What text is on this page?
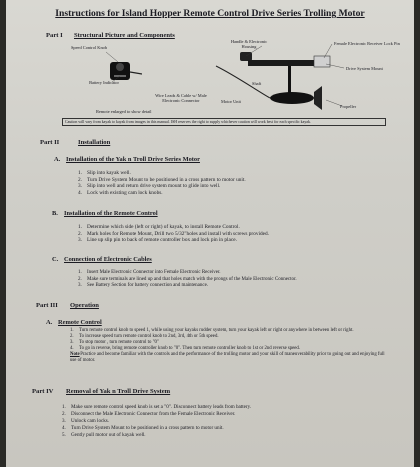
Instructions for Island Hopper Remote Control Drive Series Trolling Motor
Part I Structural Picture and Components
Speed Control Knob
Battery Indicator
Handle & Electronic Housing
Female Electronic Receiver Lock Pin
Drive System Mount
Shaft
Wire Leads & Cable w/ Male Electronic Connector	Motor Unit
Propeller
Remote enlarged to show detail
Caution will vary from kayak to kayak from images in this manual. ISH reserves the right to supply whichever caution will work best for each specific kayak.
Part II	Installation
A. Installation of the Yak n Troll Drive Series Motor
1. Slip into kayak well.
2. Turn Drive System Mount to be positioned in a cross pattern to motor unit.
3. Slip into well and return drive system mount to glide into well.
4. Lock with existing cam lock knobs.
B. Installation of the Remote Control
1. Determine which side (left or right) of kayak, to install Remote Control.
2. Mark holes for Remote Mount, Drill two 5/32"holes and install with screws provided.
3. Line up slip pin to back of remote controller box and lock pin in place.
C. Connection of Electronic Cables
1. Insert Male Electronic Connector into Female Electronic Receiver.
2. Make sure terminals are lined up and that holes match with the prongs of the Male Electronic Connector.
3. See Battery Section for battery connection and maintenance.
Part III Operation
A. Remote Control
1. Turn remote control knob to speed 1, while using your kayaks rudder system, turn your kayak left or right or anywhere in between left or right.
2. To increase speed turn remote control knob to 2nd, 3rd, 4th or 5th speed.
3. To stop motor , turn remote control to "0"
4. To go in reverse, bring remote controller knob to "0". Then turn remote controller knob to 1st or 2nd reverse speed.
Note Practice and become familiar with the controls and the performance of the trolling motor and your skill of maneuverability prior to going out and enjoying full use of motor.
Part IV Removal of Yak n Troll Drive System
1. Make sure remote control speed knob is set a "0". Disconnect battery leads from battery.
2. Disconnect the Male Electronic Connector from the Female Electronic Receiver.
3. Unlock cam locks.
4. Turn Drive System Mount to be positioned in a cross pattern to motor unit.
5. Gently pull motor out of kayak well.
